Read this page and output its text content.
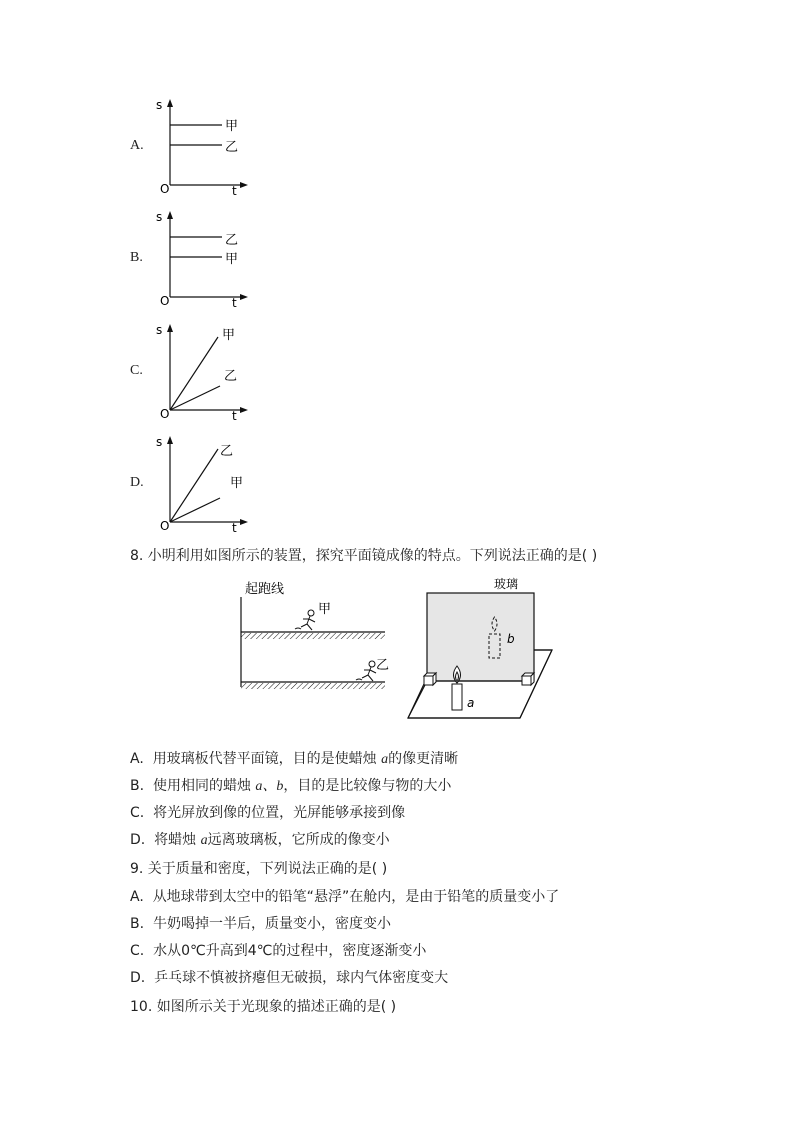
A.
s
t
O
甲
乙
B.
s
t
O
乙
甲
C.
s
t
O
甲
乙
D.
s
t
O
乙
甲
8. 小明利用如图所示的装置，探究平面镜成像的特点。下列说法正确的是( )
起跑线
甲
乙
玻璃
b
a
A. 用玻璃板代替平面镜，目的是使蜡烛 a的像更清晰
B. 使用相同的蜡烛 a、b，目的是比较像与物的大小
C. 将光屏放到像的位置，光屏能够承接到像
D. 将蜡烛 a远离玻璃板，它所成的像变小
9. 关于质量和密度，下列说法正确的是( )
A. 从地球带到太空中的铅笔“悬浮”在舱内，是由于铅笔的质量变小了
B. 牛奶喝掉一半后，质量变小，密度变小
C. 水从0℃升高到4℃的过程中，密度逐渐变小
D. 乒乓球不慎被挤瘪但无破损，球内气体密度变大
10. 如图所示关于光现象的描述正确的是( )
